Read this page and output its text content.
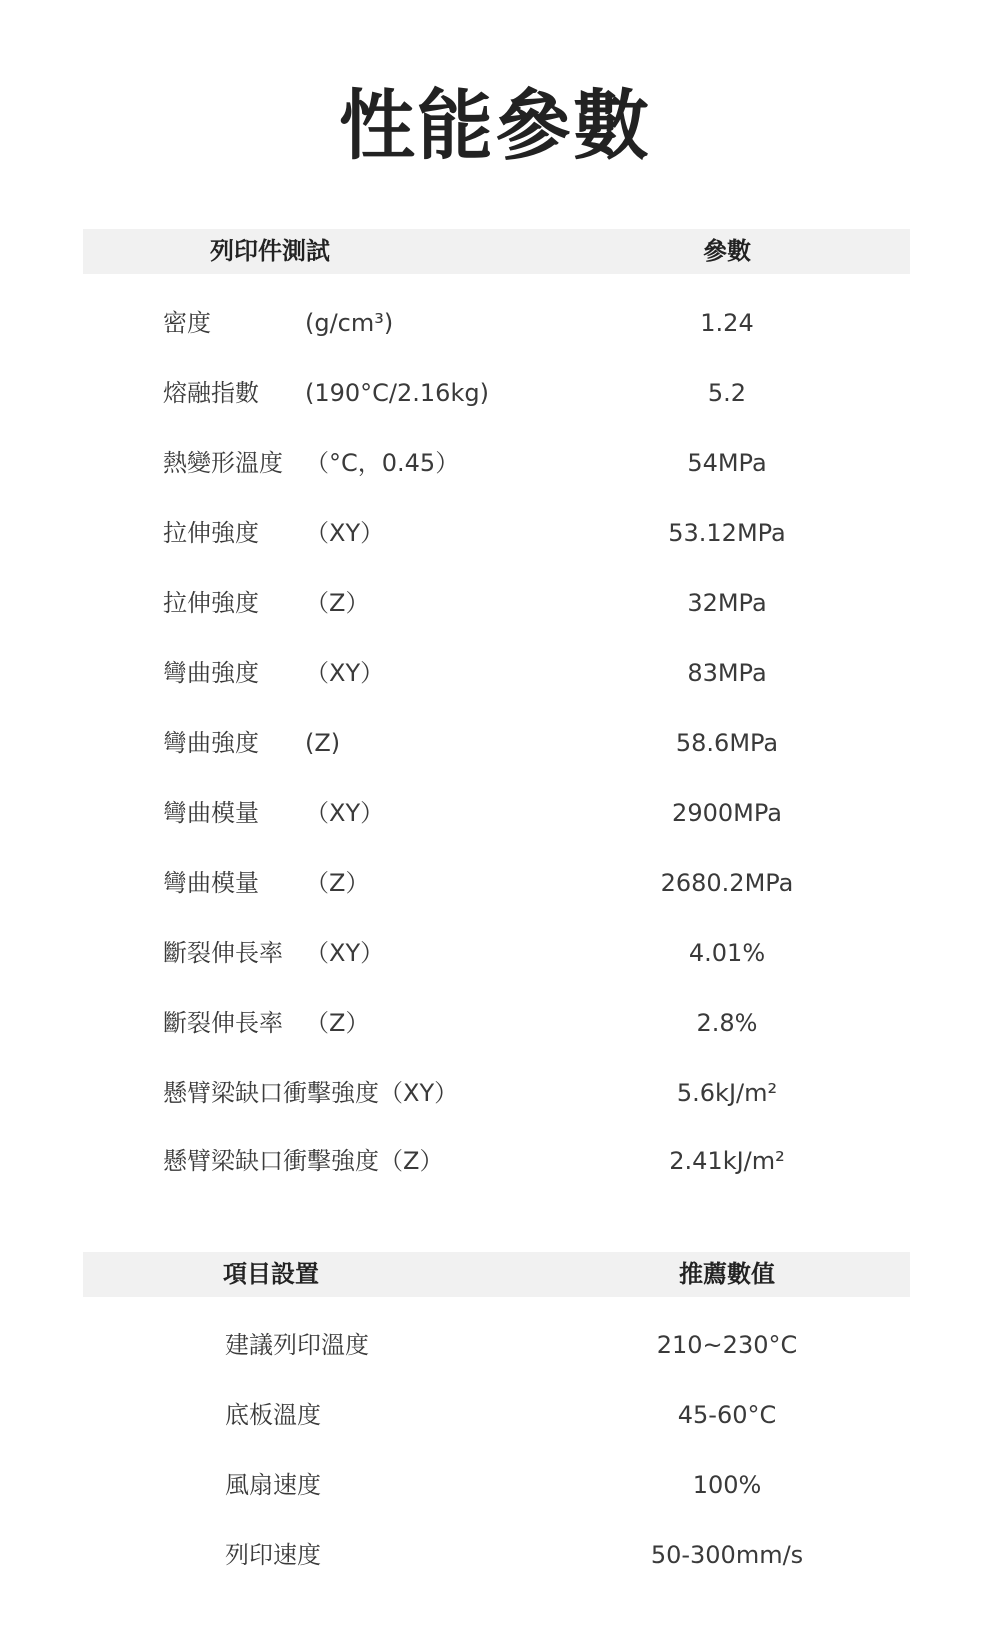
性能參數
列印件測試	參數
密度	(g/cm³)	1.24
熔融指數 (190°C/2.16kg)	5.2
熱變形溫度 （°C，0.45）	54MPa
拉伸強度 （XY）	53.12MPa
拉伸強度 （Z）	32MPa
彎曲強度 （XY）	83MPa
彎曲強度 (Z)	58.6MPa
彎曲模量 （XY）	2900MPa
彎曲模量 （Z）	2680.2MPa
斷裂伸長率 （XY）	4.01%
斷裂伸長率 （Z）	2.8%
懸臂梁缺口衝擊強度（XY）	5.6kJ/m²
懸臂梁缺口衝擊強度（Z）	2.41kJ/m²
項目設置	推薦數值
建議列印溫度	210~230°C
底板溫度	45-60°C
風扇速度	100%
列印速度	50-300mm/s
